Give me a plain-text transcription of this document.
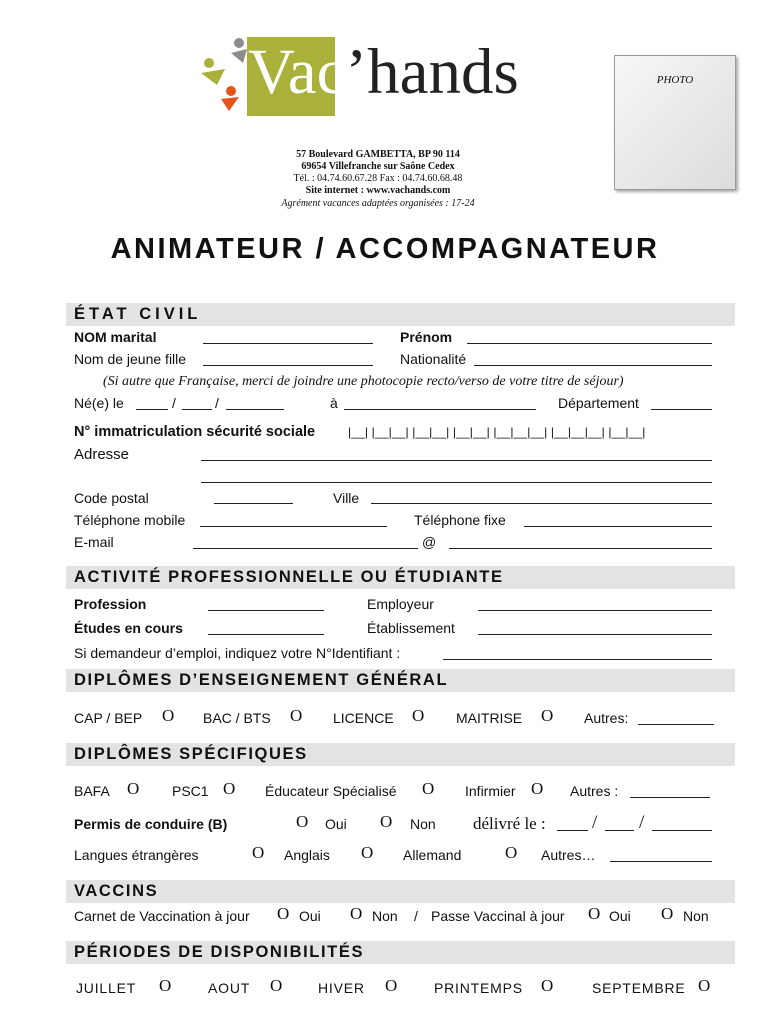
Vac’hands	PHOTO
57 Boulevard GAMBETTA, BP 90 114
69654 Villefranche sur Saône Cedex
Tél. : 04.74.60.67.28 Fax : 04.74.60.68.48
Site internet : www.vachands.com
Agrément vacances adaptées organisées : 17-24
ANIMATEUR / ACCOMPAGNATEUR
ÉTAT CIVIL
NOM marital	Prénom
Nom de jeune fille	Nationalité
(Si autre que Française, merci de joindre une photocopie recto/verso de votre titre de séjour)
Né(e) le	/	/	à	Département
N° immatriculation sécurité sociale	|__| |__|__| |__|__| |__|__| |__|__|__| |__|__|__| |__|__|
Adresse
Code postal	Ville
Téléphone mobile	Téléphone fixe
E-mail	@
ACTIVITÉ PROFESSIONNELLE OU ÉTUDIANTE
Profession	Employeur
Études en cours	Établissement
Si demandeur d’emploi, indiquez votre N°Identifiant :
DIPLÔMES D’ENSEIGNEMENT GÉNÉRAL
CAP / BEP O BAC / BTS O LICENCE O MAITRISE O Autres:
DIPLÔMES SPÉCIFIQUES
BAFA O PSC1 O Éducateur Spécialisé O Infirmier O Autres :
Permis de conduire (B)	O Oui O Non délivré le : / /
Langues étrangères	O Anglais O Allemand	O Autres…
VACCINS
Carnet de Vaccination à jour O Oui O Non / Passe Vaccinal à jour O Oui O Non
PÉRIODES DE DISPONIBILITÉS
JUILLET O	AOUT O	HIVER O	PRINTEMPS O	SEPTEMBRE O
